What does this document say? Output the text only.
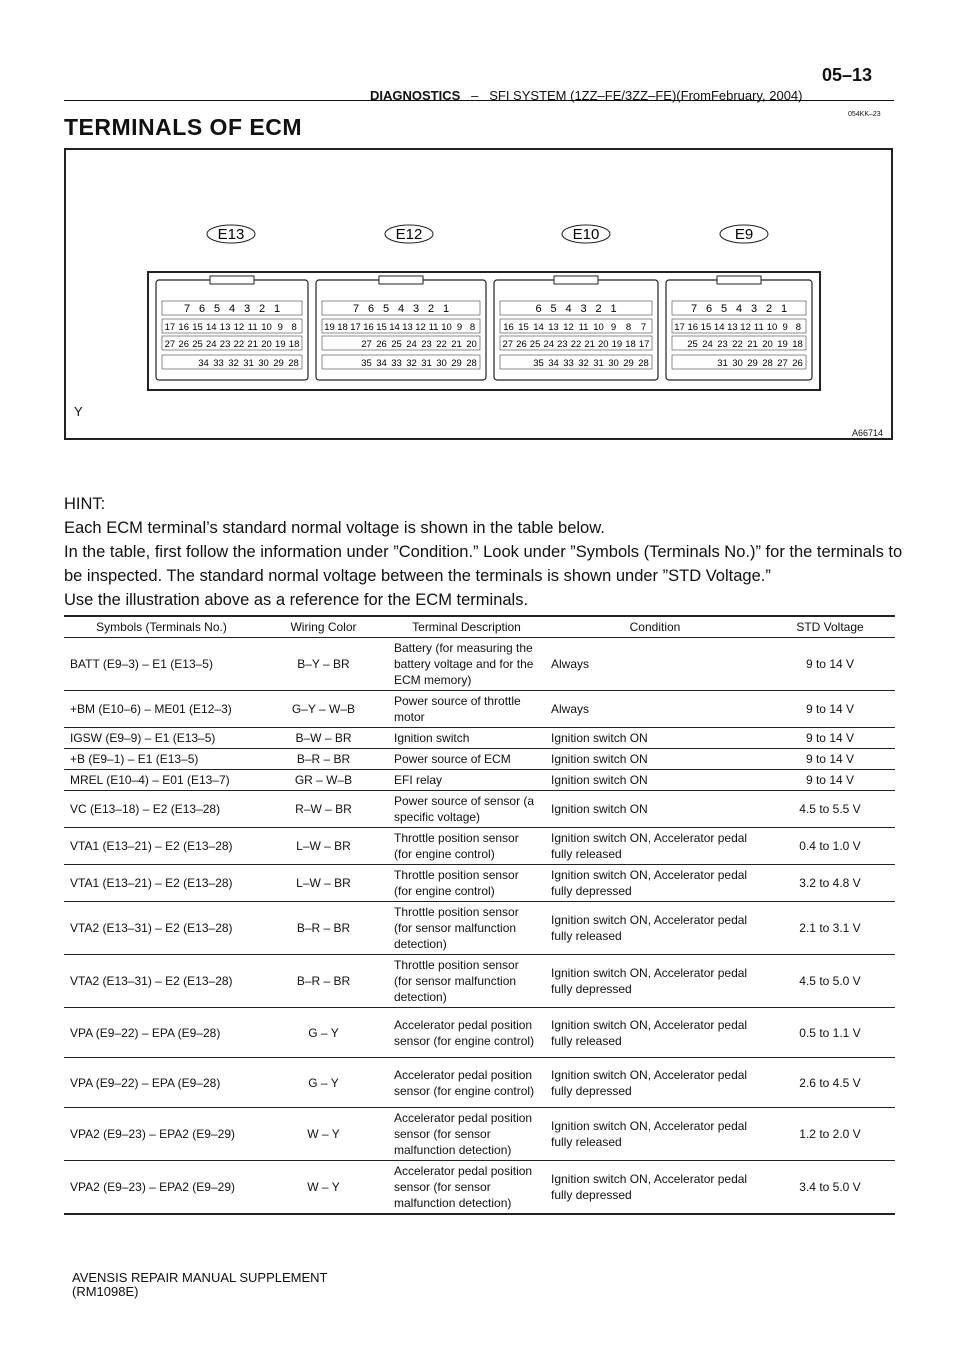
DIAGNOSTICS – SFI SYSTEM (1ZZ–FE/3ZZ–FE)(FromFebruary, 2004)
05–13
054KK–23
TERMINALS OF ECM
E13
7 6 5 4 3 2 1
17 16 15 14 13 12 11 10 9 8
27 26 25 24 23 22 21 20 19 18
34 33 32 31 30 29 28
E12
7 6 5 4 3 2 1
19 18 17 16 15 14 13 12 11 10 9 8
27 26 25 24 23 22 21 20
35 34 33 32 31 30 29 28
E10
6 5 4 3 2 1
16 15 14 13 12 11 10 9 8 7
27 26 25 24 23 22 21 20 19 18 17
35 34 33 32 31 30 29 28
E9
7 6 5 4 3 2 1
17 16 15 14 13 12 11 10 9 8
25 24 23 22 21 20 19 18
31 30 29 28 27 26
Y
A66714

HINT:

Each ECM terminal’s standard normal voltage is shown in the table below.

In the table, first follow the information under ”Condition.” Look under ”Symbols (Terminals No.)” for the terminals to be inspected. The standard normal voltage between the terminals is shown under ”STD Voltage.”

Use the illustration above as a reference for the ECM terminals.

Symbols (Terminals No.)	Wiring Color	Terminal Description	Condition	STD Voltage
BATT (E9–3) – E1 (E13–5)	B–Y – BR	Battery (for measuring the battery voltage and for the ECM memory)	Always	9 to 14 V
+BM (E10–6) – ME01 (E12–3)	G–Y – W–B	Power source of throttle motor	Always	9 to 14 V
IGSW (E9–9) – E1 (E13–5)	B–W – BR	Ignition switch	Ignition switch ON	9 to 14 V
+B (E9–1) – E1 (E13–5)	B–R – BR	Power source of ECM	Ignition switch ON	9 to 14 V
MREL (E10–4) – E01 (E13–7)	GR – W–B	EFI relay	Ignition switch ON	9 to 14 V
VC (E13–18) – E2 (E13–28)	R–W – BR	Power source of sensor (a specific voltage)	Ignition switch ON	4.5 to 5.5 V
VTA1 (E13–21) – E2 (E13–28)	L–W – BR	Throttle position sensor (for engine control)	Ignition switch ON, Accelerator pedal fully released	0.4 to 1.0 V
VTA1 (E13–21) – E2 (E13–28)	L–W – BR	Throttle position sensor (for engine control)	Ignition switch ON, Accelerator pedal fully depressed	3.2 to 4.8 V
VTA2 (E13–31) – E2 (E13–28)	B–R – BR	Throttle position sensor (for sensor malfunction detection)	Ignition switch ON, Accelerator pedal fully released	2.1 to 3.1 V
VTA2 (E13–31) – E2 (E13–28)	B–R – BR	Throttle position sensor (for sensor malfunction detection)	Ignition switch ON, Accelerator pedal fully depressed	4.5 to 5.0 V
VPA (E9–22) – EPA (E9–28)	G – Y	Accelerator pedal position sensor (for engine control)	Ignition switch ON, Accelerator pedal fully released	0.5 to 1.1 V
VPA (E9–22) – EPA (E9–28)	G – Y	Accelerator pedal position sensor (for engine control)	Ignition switch ON, Accelerator pedal fully depressed	2.6 to 4.5 V
VPA2 (E9–23) – EPA2 (E9–29)	W – Y	Accelerator pedal position sensor (for sensor malfunction detection)	Ignition switch ON, Accelerator pedal fully released	1.2 to 2.0 V
VPA2 (E9–23) – EPA2 (E9–29)	W – Y	Accelerator pedal position sensor (for sensor malfunction detection)	Ignition switch ON, Accelerator pedal fully depressed	3.4 to 5.0 V
AVENSIS REPAIR MANUAL SUPPLEMENT
(RM1098E)
